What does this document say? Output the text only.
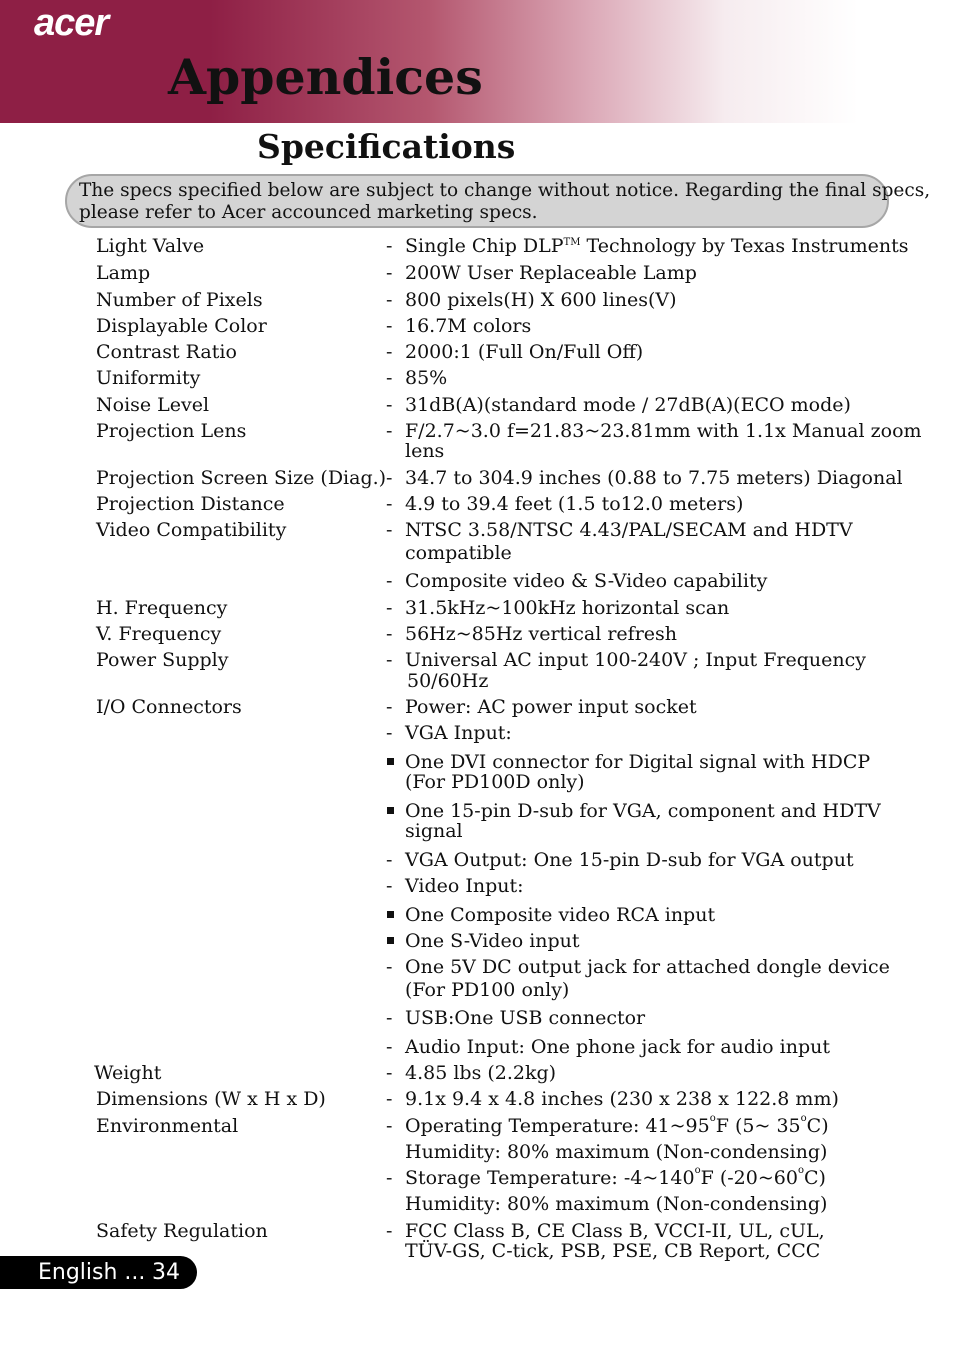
acer
Appendices
Specifications
The specs specified below are subject to change without notice. Regarding the final specs,
please refer to Acer accounced marketing specs.
Light Valve
Lamp
Number of Pixels
Displayable Color
Contrast Ratio
Uniformity
Noise Level
Projection Lens
Projection Screen Size (Diag.)
Projection Distance
Video Compatibility
H. Frequency
V. Frequency
Power Supply
I/O Connectors
Weight
Dimensions (W x H x D)
Environmental
Safety Regulation
-
-
-
-
-
-
-
-
-
-
-
-
-
-
-
-
-
-
-
-
-
-
-
-
-
-
-
Single Chip DLP™ Technology by Texas Instruments
200W User Replaceable Lamp
800 pixels(H) X 600 lines(V)
16.7M colors
2000:1 (Full On/Full Off)
85%
31dB(A)(standard mode / 27dB(A)(ECO mode)
F/2.7~3.0 f=21.83~23.81mm with 1.1x Manual zoom
lens
34.7 to 304.9 inches (0.88 to 7.75 meters) Diagonal
4.9 to 39.4 feet (1.5 to12.0 meters)
NTSC 3.58/NTSC 4.43/PAL/SECAM and HDTV
compatible
Composite video & S-Video capability
31.5kHz~100kHz horizontal scan
56Hz~85Hz vertical refresh
Universal AC input 100-240V ; Input Frequency
50/60Hz
Power: AC power input socket
VGA Input:
One DVI connector for Digital signal with HDCP
(For PD100D only)
One 15-pin D-sub for VGA, component and HDTV
signal
VGA Output: One 15-pin D-sub for VGA output
Video Input:
One Composite video RCA input
One S-Video input
One 5V DC output jack for attached dongle device
(For PD100 only)
USB:One USB connector
Audio Input: One phone jack for audio input
4.85 lbs (2.2kg)
9.1x 9.4 x 4.8 inches (230 x 238 x 122.8 mm)
Operating Temperature: 41~95$^o$F (5~ 35$^o$C)
Humidity: 80% maximum (Non-condensing)
Storage Temperature: -4~140$^o$F (-20~60$^o$C)
Humidity: 80% maximum (Non-condensing)
FCC Class B, CE Class B, VCCI-II, UL, cUL,
TÜV-GS, C-tick, PSB, PSE, CB Report, CCC
English ... 34
